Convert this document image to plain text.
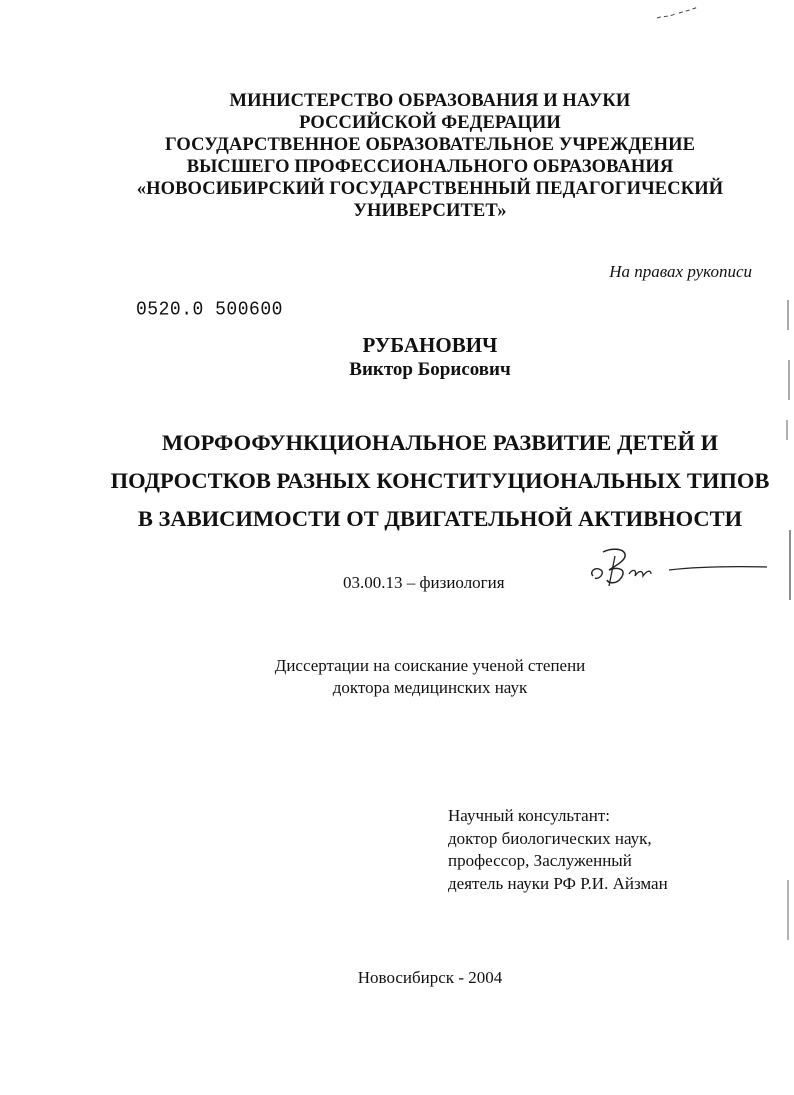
МИНИСТЕРСТВО ОБРАЗОВАНИЯ И НАУКИ
РОССИЙСКОЙ ФЕДЕРАЦИИ
ГОСУДАРСТВЕННОЕ ОБРАЗОВАТЕЛЬНОЕ УЧРЕЖДЕНИЕ
ВЫСШЕГО ПРОФЕССИОНАЛЬНОГО ОБРАЗОВАНИЯ
«НОВОСИБИРСКИЙ ГОСУДАРСТВЕННЫЙ ПЕДАГОГИЧЕСКИЙ
УНИВЕРСИТЕТ»
На правах рукописи
0520.0 500600
РУБАНОВИЧ
Виктор Борисович
МОРФОФУНКЦИОНАЛЬНОЕ РАЗВИТИЕ ДЕТЕЙ И
ПОДРОСТКОВ РАЗНЫХ КОНСТИТУЦИОНАЛЬНЫХ ТИПОВ
В ЗАВИСИМОСТИ ОТ ДВИГАТЕЛЬНОЙ АКТИВНОСТИ
03.00.13 – физиология
Диссертации на соискание ученой степени
доктора медицинских наук
Научный консультант:
доктор биологических наук,
профессор, Заслуженный
деятель науки РФ Р.И. Айзман
Новосибирск - 2004
